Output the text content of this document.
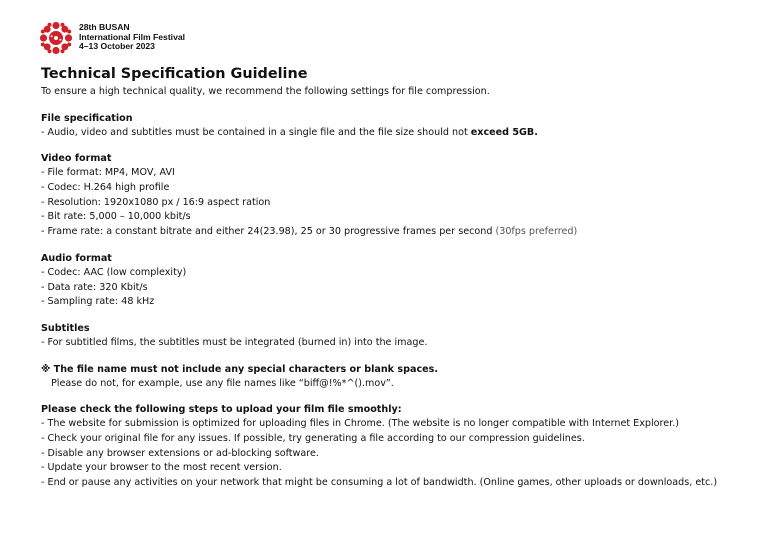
28th BUSAN
International Film Festival
4–13 October 2023
Technical Specification Guideline
To ensure a high technical quality, we recommend the following settings for file compression.
File specification
- Audio, video and subtitles must be contained in a single file and the file size should not exceed 5GB.
Video format
- File format: MP4, MOV, AVI
- Codec: H.264 high profile
- Resolution: 1920x1080 px / 16:9 aspect ration
- Bit rate: 5,000 – 10,000 kbit/s
- Frame rate: a constant bitrate and either 24(23.98), 25 or 30 progressive frames per second (30fps preferred)
Audio format
- Codec: AAC (low complexity)
- Data rate: 320 Kbit/s
- Sampling rate: 48 kHz
Subtitles
- For subtitled films, the subtitles must be integrated (burned in) into the image.
※ The file name must not include any special characters or blank spaces.
Please do not, for example, use any file names like “biff@!%*^().mov”.
Please check the following steps to upload your film file smoothly:
- The website for submission is optimized for uploading files in Chrome. (The website is no longer compatible with Internet Explorer.)
- Check your original file for any issues. If possible, try generating a file according to our compression guidelines.
- Disable any browser extensions or ad-blocking software.
- Update your browser to the most recent version.
- End or pause any activities on your network that might be consuming a lot of bandwidth. (Online games, other uploads or downloads, etc.)
